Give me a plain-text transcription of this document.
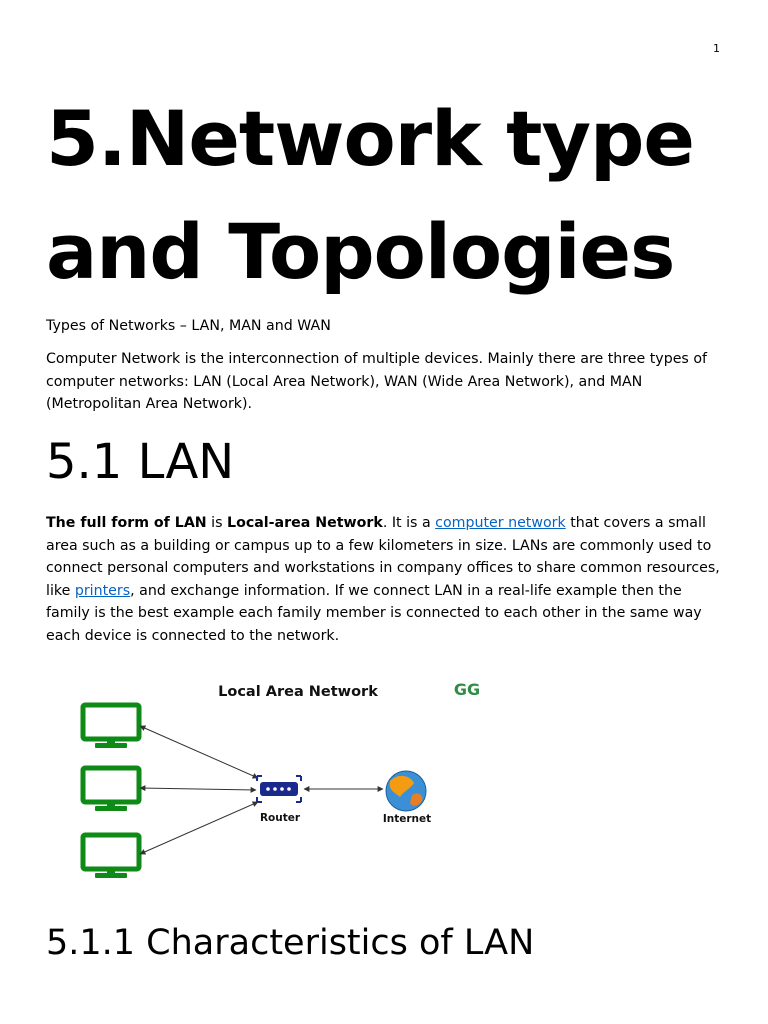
1
5.Network type
and Topologies

Types of Networks – LAN, MAN and WAN

Computer Network is the interconnection of multiple devices. Mainly there are three types of computer networks: LAN (Local Area Network), WAN (Wide Area Network), and MAN (Metropolitan Area Network).

5.1 LAN

The full form of LAN is Local-area Network. It is a computer network that covers a small area such as a building or campus up to a few kilometers in size. LANs are commonly used to connect personal computers and workstations in company offices to share common resources, like printers, and exchange information. If we connect LAN in a real-life example then the family is the best example each family member is connected to each other in the same way each device is connected to the network.

Local Area Network	GG
Router	Internet
5.1.1 Characteristics of LAN
